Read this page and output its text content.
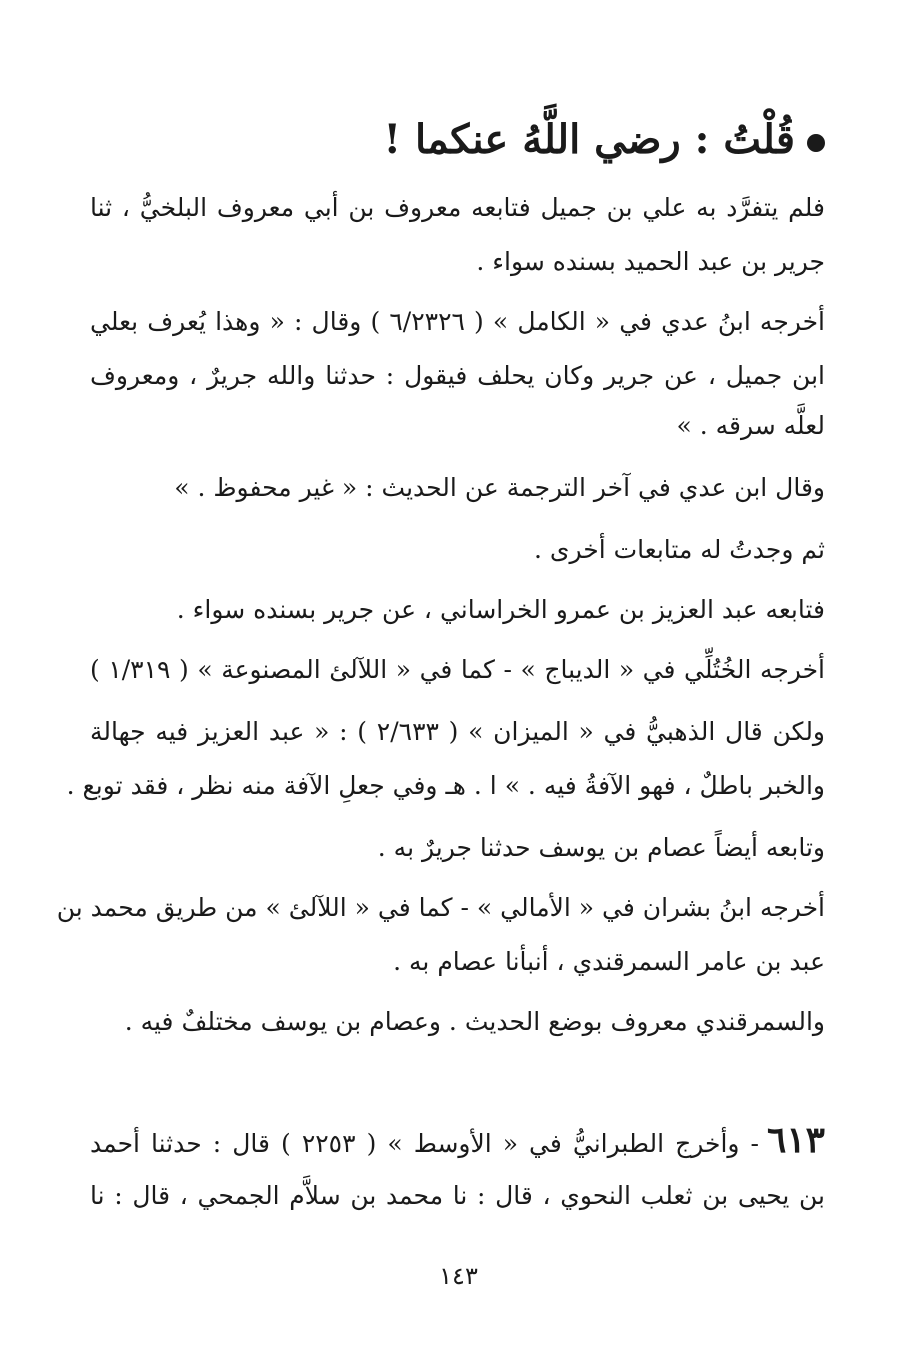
قُلْتُ : رضي اللَّهُ عنكما !
فلم يتفرَّد به علي بن جميل فتابعه معروف بن أبي معروف البلخيُّ ، ثنا
جرير بن عبد الحميد بسنده سواء .
أخرجه ابنُ عدي في « الكامل » ( ٦/٢٣٢٦ ) وقال : « وهذا يُعرف بعلي
ابن جميل ، عن جرير وكان يحلف فيقول : حدثنا والله جريرٌ ، ومعروف
لعلَّه سرقه . »
وقال ابن عدي في آخر الترجمة عن الحديث : « غير محفوظ . »
ثم وجدتُ له متابعات أخرى .
فتابعه عبد العزيز بن عمرو الخراساني ، عن جرير بسنده سواء .
أخرجه الخُتُلِّي في « الديباج » - كما في « اللآلئ المصنوعة » ( ١/٣١٩ )
ولكن قال الذهبيُّ في « الميزان » ( ٢/٦٣٣ ) : « عبد العزيز فيه جهالة
والخبر باطلٌ ، فهو الآفةُ فيه . » ا . هـ وفي جعلِ الآفة منه نظر ، فقد توبع .
وتابعه أيضاً عصام بن يوسف حدثنا جريرٌ به .
أخرجه ابنُ بشران في « الأمالي » - كما في « اللآلئ » من طريق محمد بن
عبد بن عامر السمرقندي ، أنبأنا عصام به .
والسمرقندي معروف بوضع الحديث . وعصام بن يوسف مختلفٌ فيه .
٦١٣- وأخرج الطبرانيُّ في « الأوسط » ( ٢٢٥٣ ) قال : حدثنا أحمد
بن يحيى بن ثعلب النحوي ، قال : نا محمد بن سلاَّم الجمحي ، قال : نا
١٤٣
